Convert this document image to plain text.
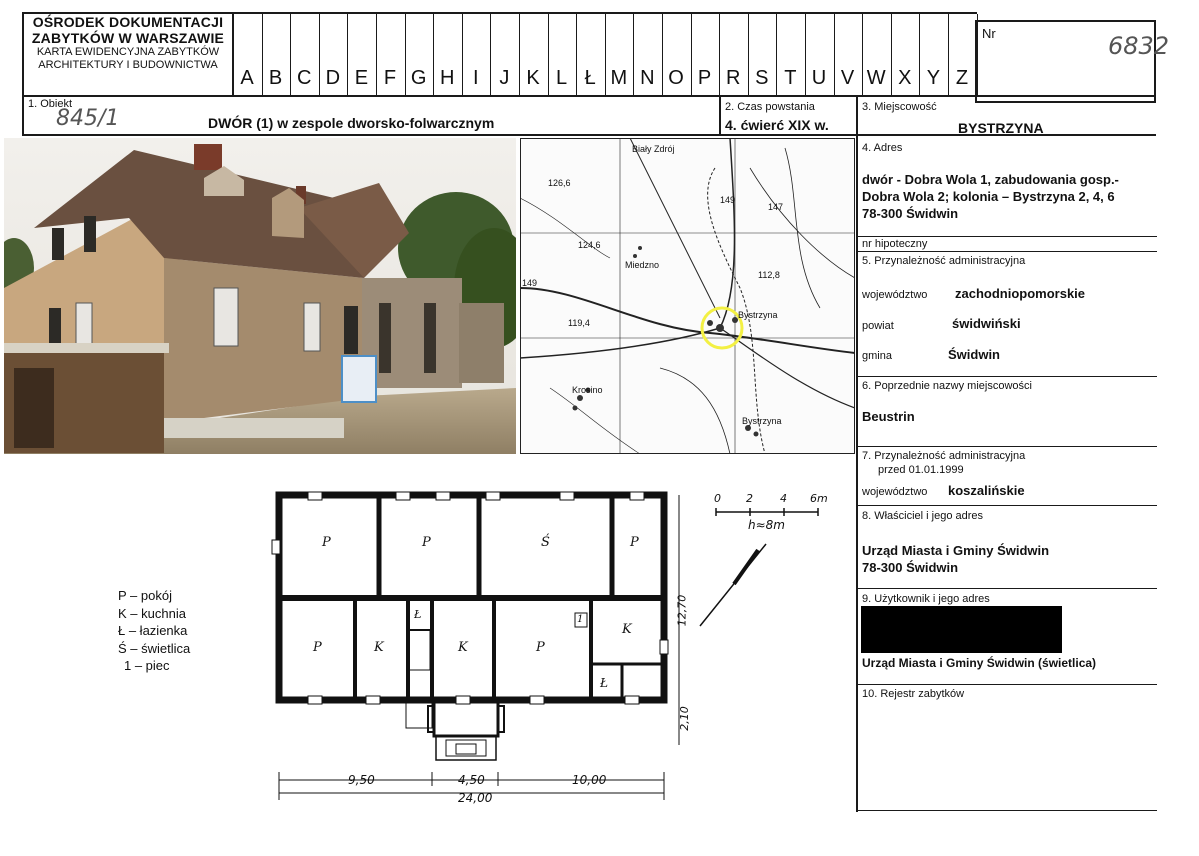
OŚRODEK DOKUMENTACJI
ZABYTKÓW W WARSZAWIE
KARTA EWIDENCYJNA ZABYTKÓW
ARCHITEKTURY I BUDOWNICTWA
A B C D E F G H I	J K L Ł M N O P R S T U V W X Y Z
Nr	6832
1. Obiekt
845/1	DWÓR (1) w zespole dworsko-folwarcznym
2. Czas powstania
4. ćwierć XIX w.
3. Miejscowość
BYSTRZYNA
4. Adres
dwór - Dobra Wola 1, zabudowania gosp.-
Dobra Wola 2; kolonia – Bystrzyna 2, 4, 6
78-300 Świdwin
nr hipoteczny
5. Przynależność administracyjna
województwo zachodniopomorskie
powiat	świdwiński
gmina	Świdwin
6. Poprzednie nazwy miejscowości
Beustrin
7. Przynależność administracyjna
przed 01.01.1999
województwo koszalińskie
8. Właściciel i jego adres
Urząd Miasta i Gminy Świdwin
78-300 Świdwin
9. Użytkownik i jego adres
Urząd Miasta i Gminy Świdwin (świetlica)
10. Rejestr zabytków
Biały Zdrój
126,6
124,6
Miedzno
119,4
149
112,8
Bystrzyna
Krosino
Bystrzyna
147
149
P – pokój
K – kuchnia
Ł – łazienka
Ś – świetlica
1 – piec
P	P	Ś	P
P	K
Ł
K	P
K
Ł
1	12,70
2,10
9,50	4,50	10,00
24,00
0 2 4 6m
h≈8m
